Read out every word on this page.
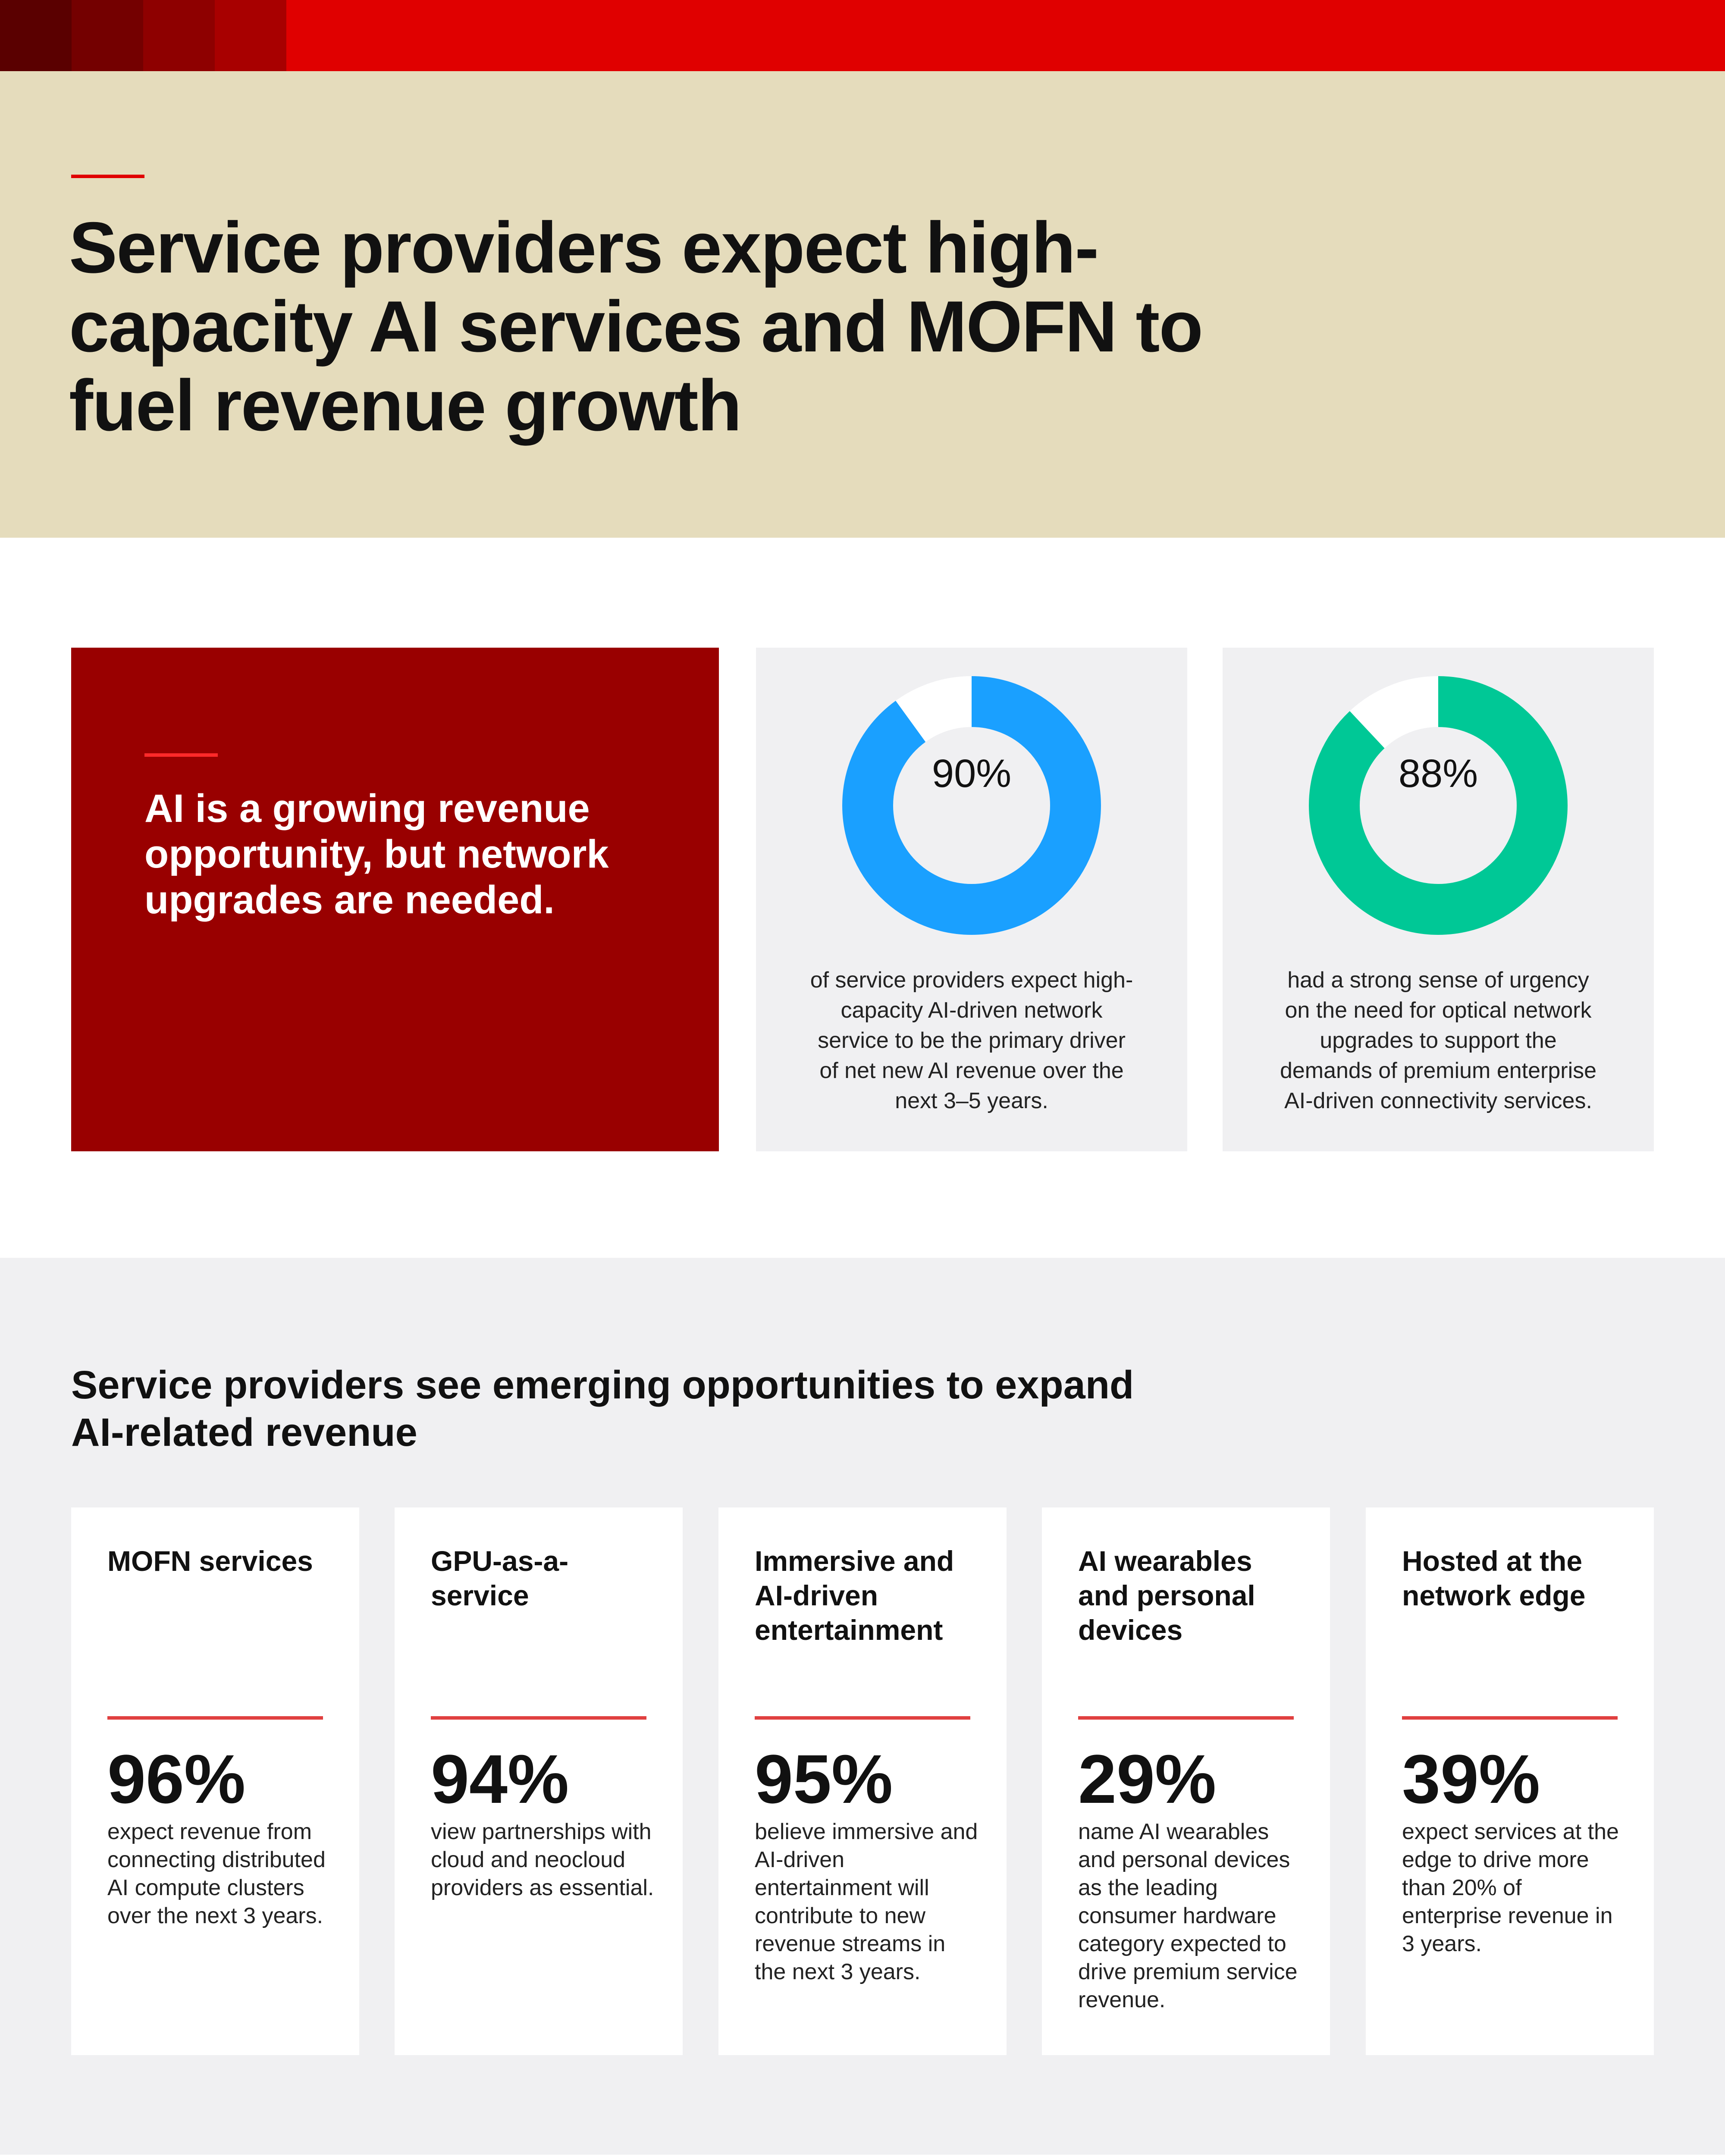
Service providers expect high-capacity AI services and MOFN to fuel revenue growth
AI is a growing revenue opportunity, but network upgrades are needed.
90%
of service providers expect high-capacity AI-driven network service to be the primary driver of net new AI revenue over the next 3–5 years.
88%
had a strong sense of urgency on the need for optical network upgrades to support the demands of premium enterprise AI-driven connectivity services.
Service providers see emerging opportunities to expand AI-related revenue
MOFN services
96%
expect revenue from connecting distributed AI compute clusters over the next 3 years.
GPU-as-a-service
94%
view partnerships with cloud and neocloud providers as essential.
Immersive and AI-driven entertainment
95%
believe immersive and AI-driven entertainment will contribute to new revenue streams in the next 3 years.
AI wearables and personal devices
29%
name AI wearables and personal devices as the leading consumer hardware category expected to drive premium service revenue.
Hosted at the network edge
39%
expect services at the edge to drive more than 20% of enterprise revenue in 3 years.
